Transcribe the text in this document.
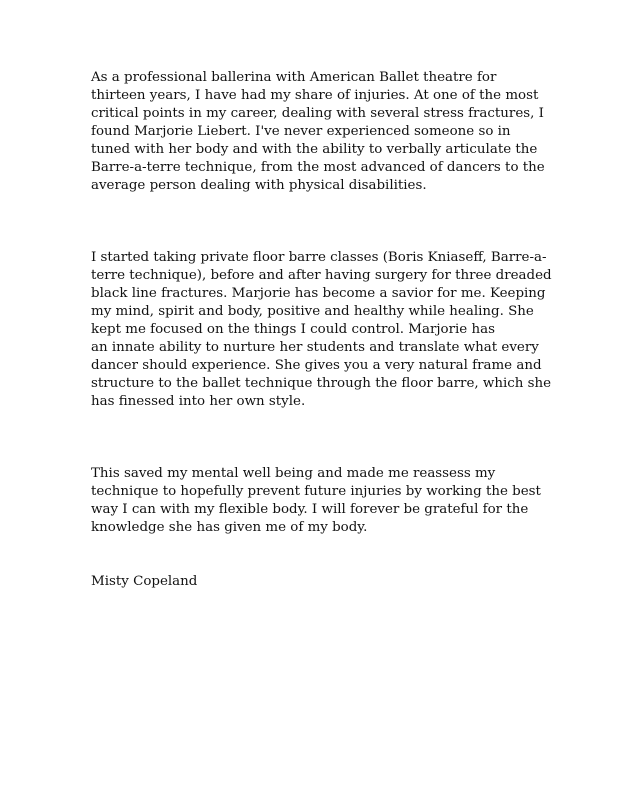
As a professional ballerina with American Ballet theatre for
thirteen years, I have had my share of injuries. At one of the most
critical points in my career, dealing with several stress fractures, I
found Marjorie Liebert. I've never experienced someone so in
tuned with her body and with the ability to verbally articulate the
Barre-a-terre technique, from the most advanced of dancers to the
average person dealing with physical disabilities.

I started taking private floor barre classes (Boris Kniaseff, Barre-a-
terre technique), before and after having surgery for three dreaded
black line fractures. Marjorie has become a savior for me. Keeping
my mind, spirit and body, positive and healthy while healing. She
kept me focused on the things I could control. Marjorie has
an innate ability to nurture her students and translate what every
dancer should experience. She gives you a very natural frame and
structure to the ballet technique through the floor barre, which she
has finessed into her own style.

This saved my mental well being and made me reassess my
technique to hopefully prevent future injuries by working the best
way I can with my flexible body. I will forever be grateful for the
knowledge she has given me of my body.

Misty Copeland
